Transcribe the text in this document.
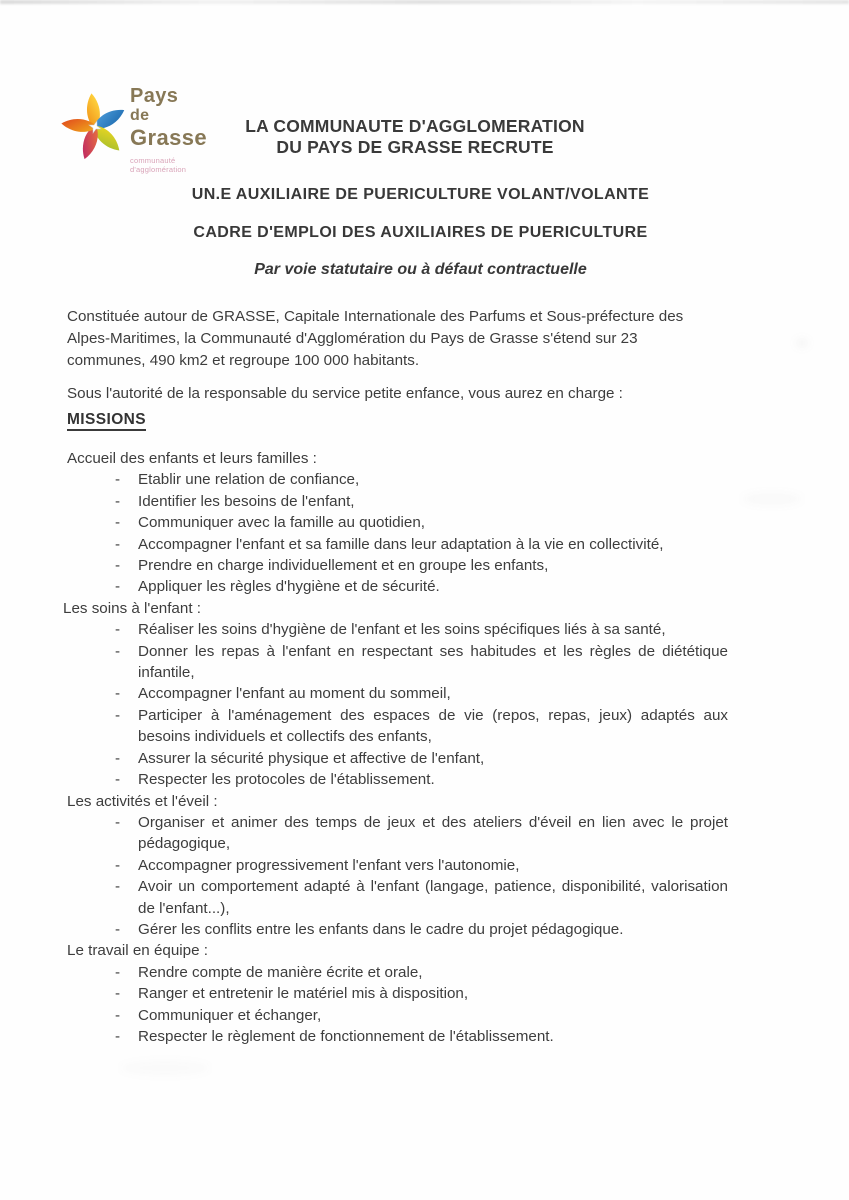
Pays
de
Grasse
communauté
d'agglomération
LA COMMUNAUTE D'AGGLOMERATION
DU PAYS DE GRASSE RECRUTE
UN.E AUXILIAIRE DE PUERICULTURE VOLANT/VOLANTE
CADRE D'EMPLOI DES AUXILIAIRES DE PUERICULTURE
Par voie statutaire ou à défaut contractuelle
Constituée autour de GRASSE, Capitale Internationale des Parfums et Sous-préfecture des
Alpes-Maritimes, la Communauté d'Agglomération du Pays de Grasse s'étend sur 23
communes, 490 km2 et regroupe 100 000 habitants.
Sous l'autorité de la responsable du service petite enfance, vous aurez en charge :
MISSIONS
Accueil des enfants et leurs familles :
- Etablir une relation de confiance,
- Identifier les besoins de l'enfant,
- Communiquer avec la famille au quotidien,
- Accompagner l'enfant et sa famille dans leur adaptation à la vie en collectivité,
- Prendre en charge individuellement et en groupe les enfants,
- Appliquer les règles d'hygiène et de sécurité.
Les soins à l'enfant :
- Réaliser les soins d'hygiène de l'enfant et les soins spécifiques liés à sa santé,
- Donner les repas à l'enfant en respectant ses habitudes et les règles de diététique infantile,
- Accompagner l'enfant au moment du sommeil,
- Participer à l'aménagement des espaces de vie (repos, repas, jeux) adaptés aux besoins individuels et collectifs des enfants,
- Assurer la sécurité physique et affective de l'enfant,
- Respecter les protocoles de l'établissement.
Les activités et l'éveil :
- Organiser et animer des temps de jeux et des ateliers d'éveil en lien avec le projet pédagogique,
- Accompagner progressivement l'enfant vers l'autonomie,
- Avoir un comportement adapté à l'enfant (langage, patience, disponibilité, valorisation de l'enfant...),
- Gérer les conflits entre les enfants dans le cadre du projet pédagogique.
Le travail en équipe :
- Rendre compte de manière écrite et orale,
- Ranger et entretenir le matériel mis à disposition,
- Communiquer et échanger,
- Respecter le règlement de fonctionnement de l'établissement.
